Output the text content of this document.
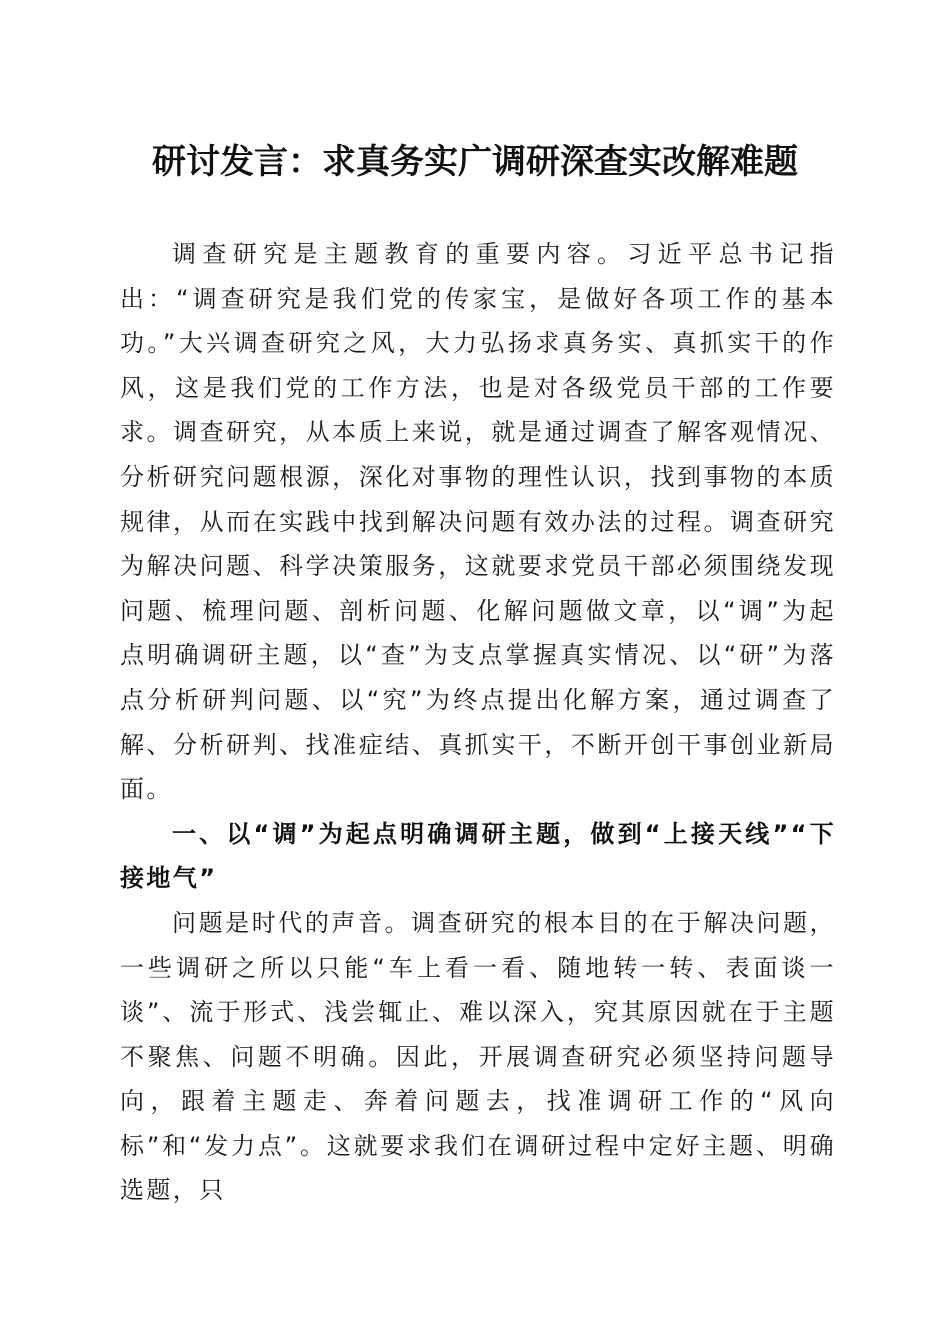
研讨发言：求真务实广调研深查实改解难题

调查研究是主题教育的重要内容。习近平总书记指出：“调查研究是我们党的传家宝，是做好各项工作的基本功。”大兴调查研究之风，大力弘扬求真务实、真抓实干的作风，这是我们党的工作方法，也是对各级党员干部的工作要求。调查研究，从本质上来说，就是通过调查了解客观情况、分析研究问题根源，深化对事物的理性认识，找到事物的本质规律，从而在实践中找到解决问题有效办法的过程。调查研究为解决问题、科学决策服务，这就要求党员干部必须围绕发现问题、梳理问题、剖析问题、化解问题做文章，以“调”为起点明确调研主题，以“查”为支点掌握真实情况、以“研”为落点分析研判问题、以“究”为终点提出化解方案，通过调查了解、分析研判、找准症结、真抓实干，不断开创干事创业新局面。

一、以“调”为起点明确调研主题，做到“上接天线”“下接地气”

问题是时代的声音。调查研究的根本目的在于解决问题，一些调研之所以只能“车上看一看、随地转一转、表面谈一谈”、流于形式、浅尝辄止、难以深入，究其原因就在于主题不聚焦、问题不明确。因此，开展调查研究必须坚持问题导向，跟着主题走、奔着问题去，找准调研工作的“风向标”和“发力点”。这就要求我们在调研过程中定好主题、明确选题，只
